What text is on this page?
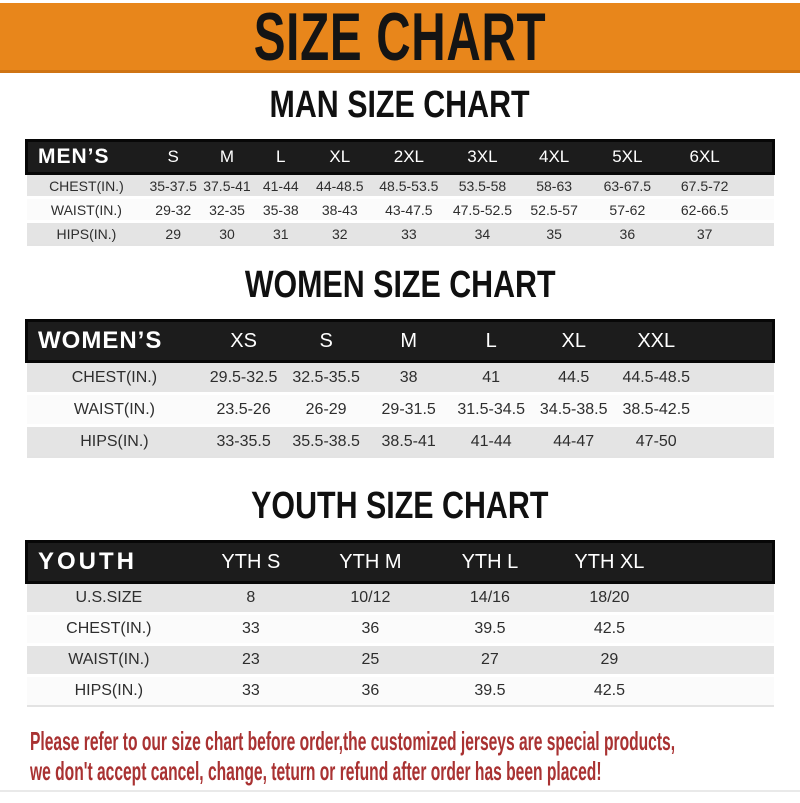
SIZE CHART
MAN SIZE CHART
MEN’S	S	M	L	XL	2XL	3XL	4XL	5XL	6XL	
CHEST(IN.)	35-37.5	37.5-41	41-44	44-48.5	48.5-53.5	53.5-58	58-63	63-67.5	67.5-72	
WAIST(IN.)	29-32	32-35	35-38	38-43	43-47.5	47.5-52.5	52.5-57	57-62	62-66.5	
HIPS(IN.)	29	30	31	32	33	34	35	36	37	
WOMEN SIZE CHART
WOMEN’S	XS	S	M	L	XL	XXL	
CHEST(IN.)	29.5-32.5	32.5-35.5	38	41	44.5	44.5-48.5	
WAIST(IN.)	23.5-26	26-29	29-31.5	31.5-34.5	34.5-38.5	38.5-42.5	
HIPS(IN.)	33-35.5	35.5-38.5	38.5-41	41-44	44-47	47-50	
YOUTH SIZE CHART
YOUTH	YTH S	YTH M	YTH L	YTH XL	
U.S.SIZE	8	10/12	14/16	18/20	
CHEST(IN.)	33	36	39.5	42.5	
WAIST(IN.)	23	25	27	29	
HIPS(IN.)	33	36	39.5	42.5	
Please refer to our size chart before order,the customized jerseys are special products,
we don't accept cancel, change, teturn or refund after order has been placed!
